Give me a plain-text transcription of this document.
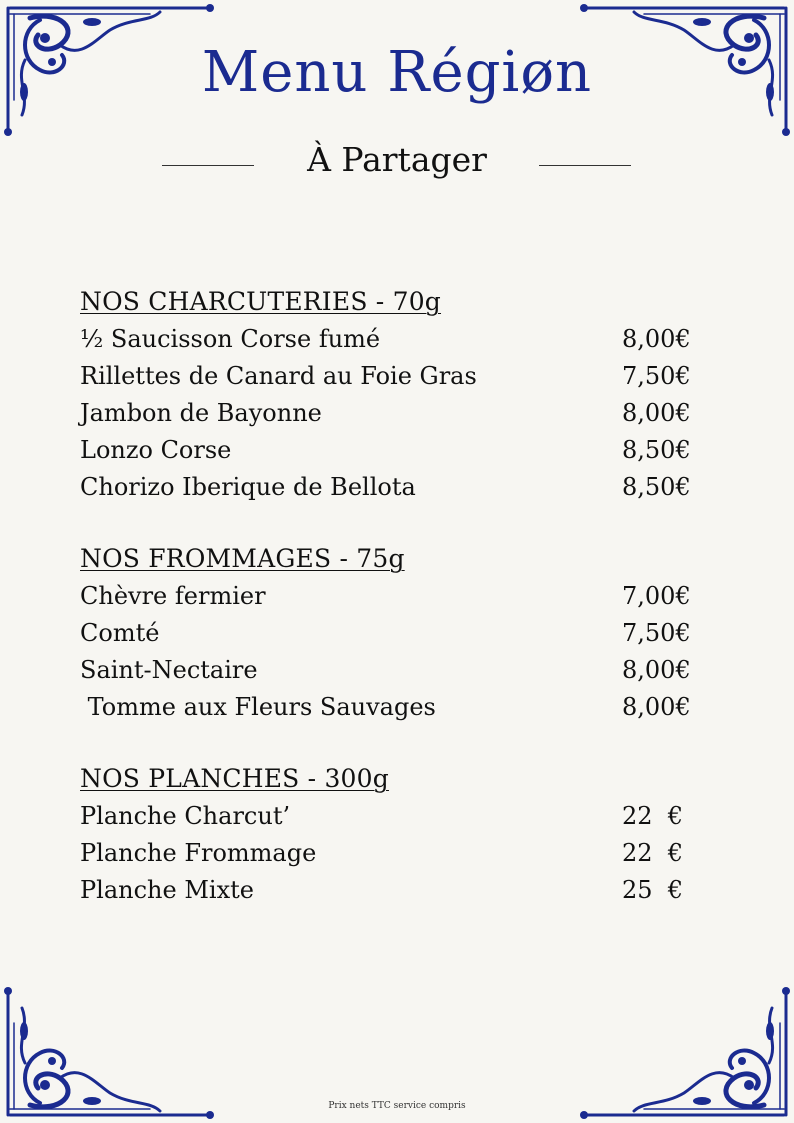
Menu Régiøn
À Partager
NOS CHARCUTERIES - 70g
½ Saucisson Corse fumé	8,00€
Rillettes de Canard au Foie Gras	7,50€
Jambon de Bayonne	8,00€
Lonzo Corse	8,50€
Chorizo Iberique de Bellota	8,50€
NOS FROMMAGES - 75g
Chèvre fermier	7,00€
Comté	7,50€
Saint-Nectaire	8,00€
Tomme aux Fleurs Sauvages	8,00€
NOS PLANCHES - 300g
Planche Charcut’	22  €
Planche Frommage	22  €
Planche Mixte	25  €
Prix nets TTC service compris
